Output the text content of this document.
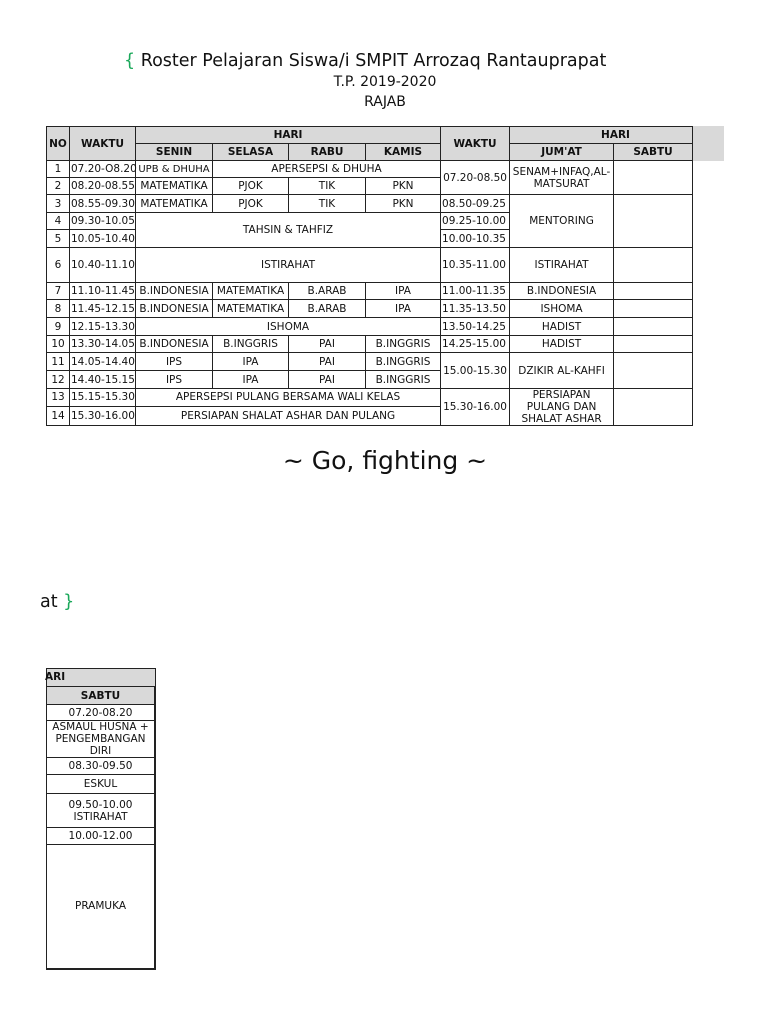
{ Roster Pelajaran Siswa/i SMPIT Arrozaq Rantauprapat
T.P. 2019-2020
RAJAB
NO	WAKTU	HARI				WAKTU	HARI	
		SENIN	SELASA	RABU	KAMIS		JUM'AT	SABTU
1	07.20-O8.20	UPB & DHUHA	APERSEPSI & DHUHA			07.20-08.50	SENAM+INFAQ,AL-MATSURAT	
2	08.20-08.55	MATEMATIKA	PJOK	TIK	PKN			
3	08.55-09.30	MATEMATIKA	PJOK	TIK	PKN	08.50-09.25	MENTORING	
4	09.30-10.05	TAHSIN & TAHFIZ				09.25-10.00		
5	10.05-10.40					10.00-10.35		
6	10.40-11.10	ISTIRAHAT				10.35-11.00	ISTIRAHAT	
7	11.10-11.45	B.INDONESIA	MATEMATIKA	B.ARAB	IPA	11.00-11.35	B.INDONESIA	
8	11.45-12.15	B.INDONESIA	MATEMATIKA	B.ARAB	IPA	11.35-13.50	ISHOMA	
9	12.15-13.30	ISHOMA				13.50-14.25	HADIST	
10	13.30-14.05	B.INDONESIA	B.INGGRIS	PAI	B.INGGRIS	14.25-15.00	HADIST	
11	14.05-14.40	IPS	IPA	PAI	B.INGGRIS	15.00-15.30	DZIKIR AL-KAHFI	
12	14.40-15.15	IPS	IPA	PAI	B.INGGRIS			
13	15.15-15.30	APERSEPSI PULANG BERSAMA WALI KELAS				15.30-16.00	PERSIAPAN PULANG DAN SHALAT ASHAR	
14	15.30-16.00	PERSIAPAN SHALAT ASHAR DAN PULANG						
~ Go, fighting ~
at }
ARI
SABTU
07.20-08.20
ASMAUL HUSNA + PENGEMBANGAN DIRI
08.30-09.50
ESKUL
09.50-10.00 ISTIRAHAT
10.00-12.00
PRAMUKA
